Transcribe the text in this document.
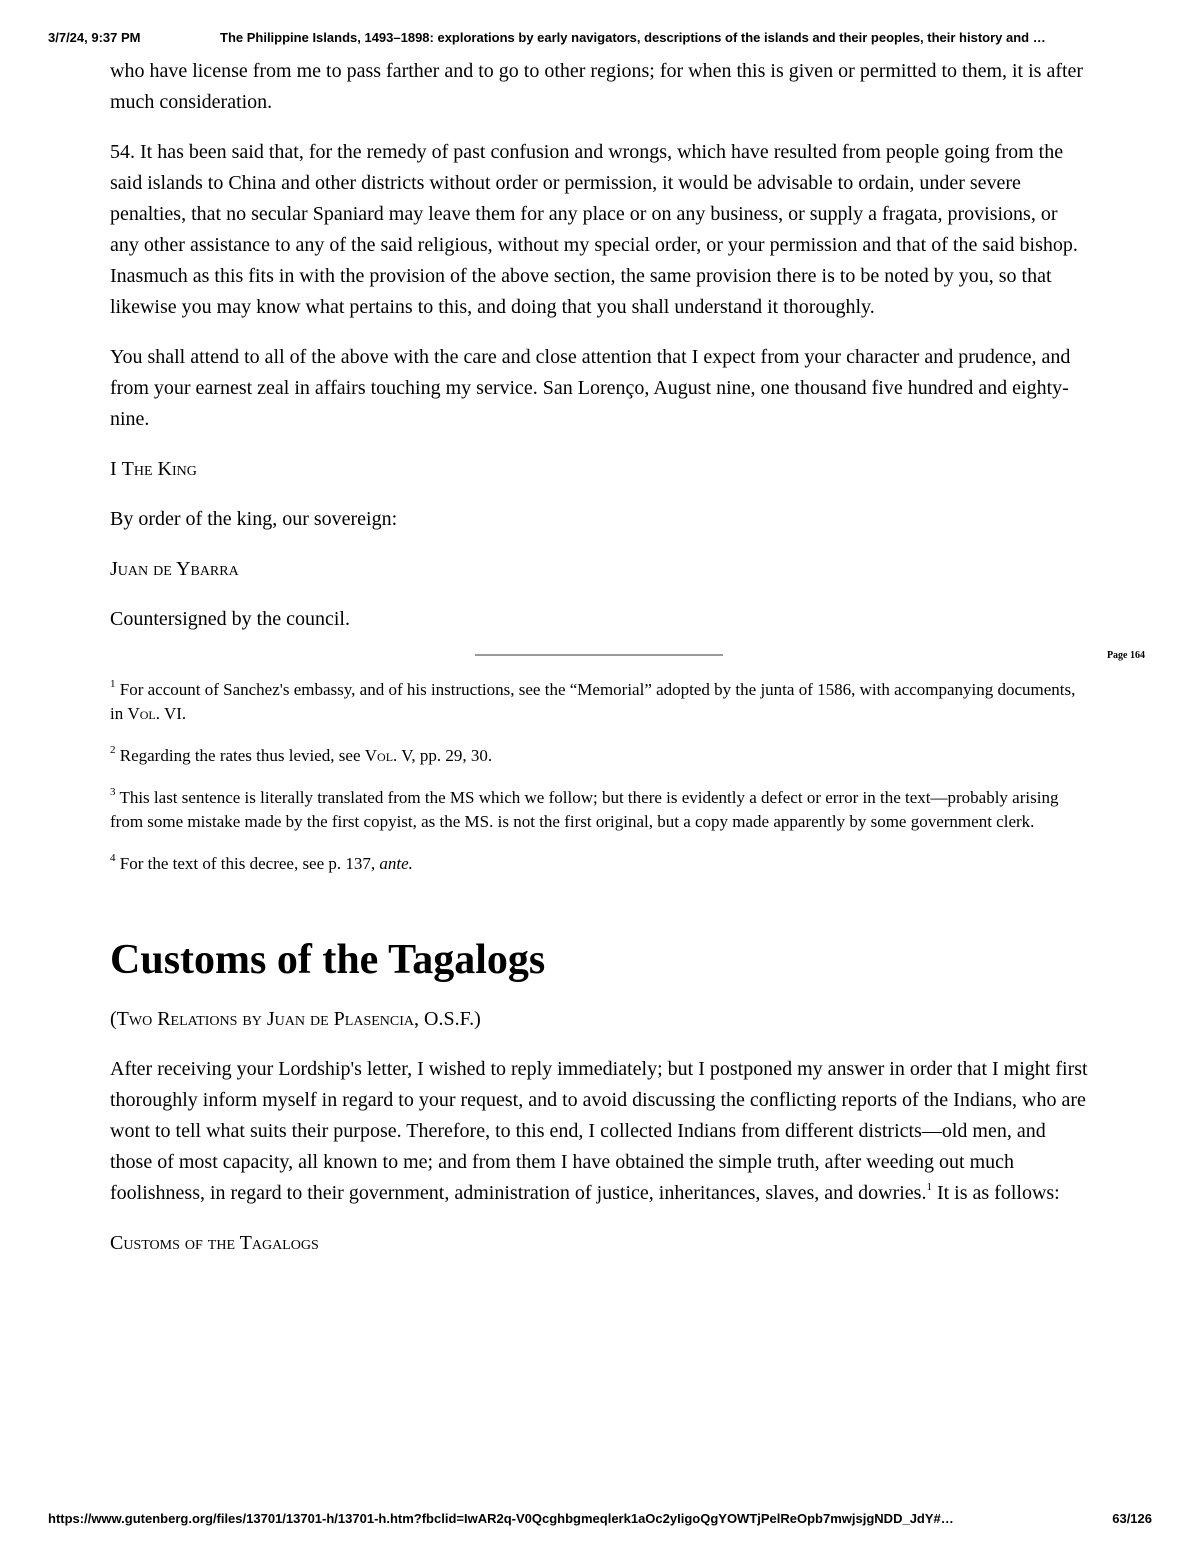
3/7/24, 9:37 PM	The Philippine Islands, 1493–1898: explorations by early navigators, descriptions of the islands and their peoples, their history and …
Page 164

who have license from me to pass farther and to go to other regions; for when this is given or permitted to them, it is after much consideration.

54. It has been said that, for the remedy of past confusion and wrongs, which have resulted from people going from the said islands to China and other districts without order or permission, it would be advisable to ordain, under severe penalties, that no secular Spaniard may leave them for any place or on any business, or supply a fragata, provisions, or any other assistance to any of the said religious, without my special order, or your permission and that of the said bishop. Inasmuch as this fits in with the provision of the above section, the same provision there is to be noted by you, so that likewise you may know what pertains to this, and doing that you shall understand it thoroughly.

You shall attend to all of the above with the care and close attention that I expect from your character and prudence, and from your earnest zeal in affairs touching my service. San Lorenço, August nine, one thousand five hundred and eighty-nine.

I The King

By order of the king, our sovereign:

Juan de Ybarra

Countersigned by the council.

$^1$ For account of Sanchez's embassy, and of his instructions, see the “Memorial” adopted by the junta of 1586, with accompanying documents, in Vol. VI.

$^2$ Regarding the rates thus levied, see Vol. V, pp. 29, 30.

$^3$ This last sentence is literally translated from the MS which we follow; but there is evidently a defect or error in the text—probably arising from some mistake made by the first copyist, as the MS. is not the first original, but a copy made apparently by some government clerk.

$^4$ For the text of this decree, see p. 137, ante.

Customs of the Tagalogs

(Two Relations by Juan de Plasencia, O.S.F.)

After receiving your Lordship's letter, I wished to reply immediately; but I postponed my answer in order that I might first thoroughly inform myself in regard to your request, and to avoid discussing the conflicting reports of the Indians, who are wont to tell what suits their purpose. Therefore, to this end, I collected Indians from different districts—old men, and those of most capacity, all known to me; and from them I have obtained the simple truth, after weeding out much foolishness, in regard to their government, administration of justice, inheritances, slaves, and dowries.$^1$ It is as follows:

Customs of the Tagalogs

https://www.gutenberg.org/files/13701/13701-h/13701-h.htm?fbclid=IwAR2q-V0Qcghbgmeqlerk1aOc2yIigoQgYOWTjPelReOpb7mwjsjgNDD_JdY#…	63/126
